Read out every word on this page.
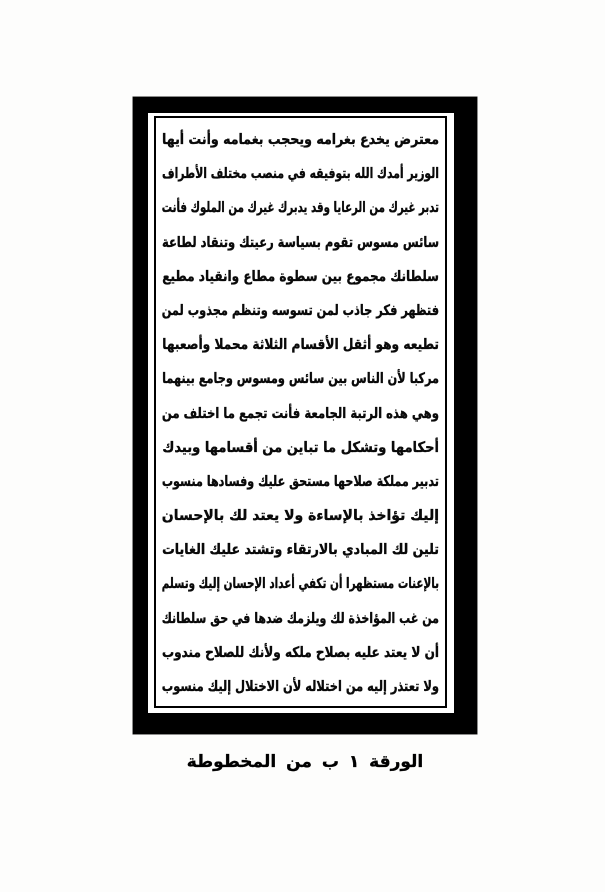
معترض يخدع بغرامه ويحجب بغمامه وأنت أيها
الوزير أمدك الله بتوفيقه في منصب مختلف الأطراف
تدبر غيرك من الرعايا وقد يدبرك غيرك من الملوك فأنت
سائس مسوس تقوم بسياسة رعيتك وتنقاد لطاعة
سلطانك مجموع بين سطوة مطاع وانقياد مطيع
فتظهر فكر جاذب لمن تسوسه وتنظم مجذوب لمن
تطيعه وهو أثقل الأقسام الثلاثة محملا وأصعبها
مركبا لأن الناس بين سائس ومسوس وجامع بينهما
وهي هذه الرتبة الجامعة فأنت تجمع ما اختلف من
أحكامها وتشكل ما تباين من أقسامها وبيدك
تدبير مملكة صلاحها مستحق عليك وفسادها منسوب
إليك تؤاخذ بالإساءة ولا يعتد لك بالإحسان
تلين لك المبادي بالارتقاء وتشتد عليك الغايات
بالإعنات مستظهرا أن تكفي أعداد الإحسان إليك وتسلم
من غب المؤاخذة لك ويلزمك ضدها في حق سلطانك
أن لا يعتد عليه بصلاح ملكه ولأنك للصلاح مندوب
ولا تعتذر إليه من اختلاله لأن الاختلال إليك منسوب
الورقة ١ ب من المخطوطة
